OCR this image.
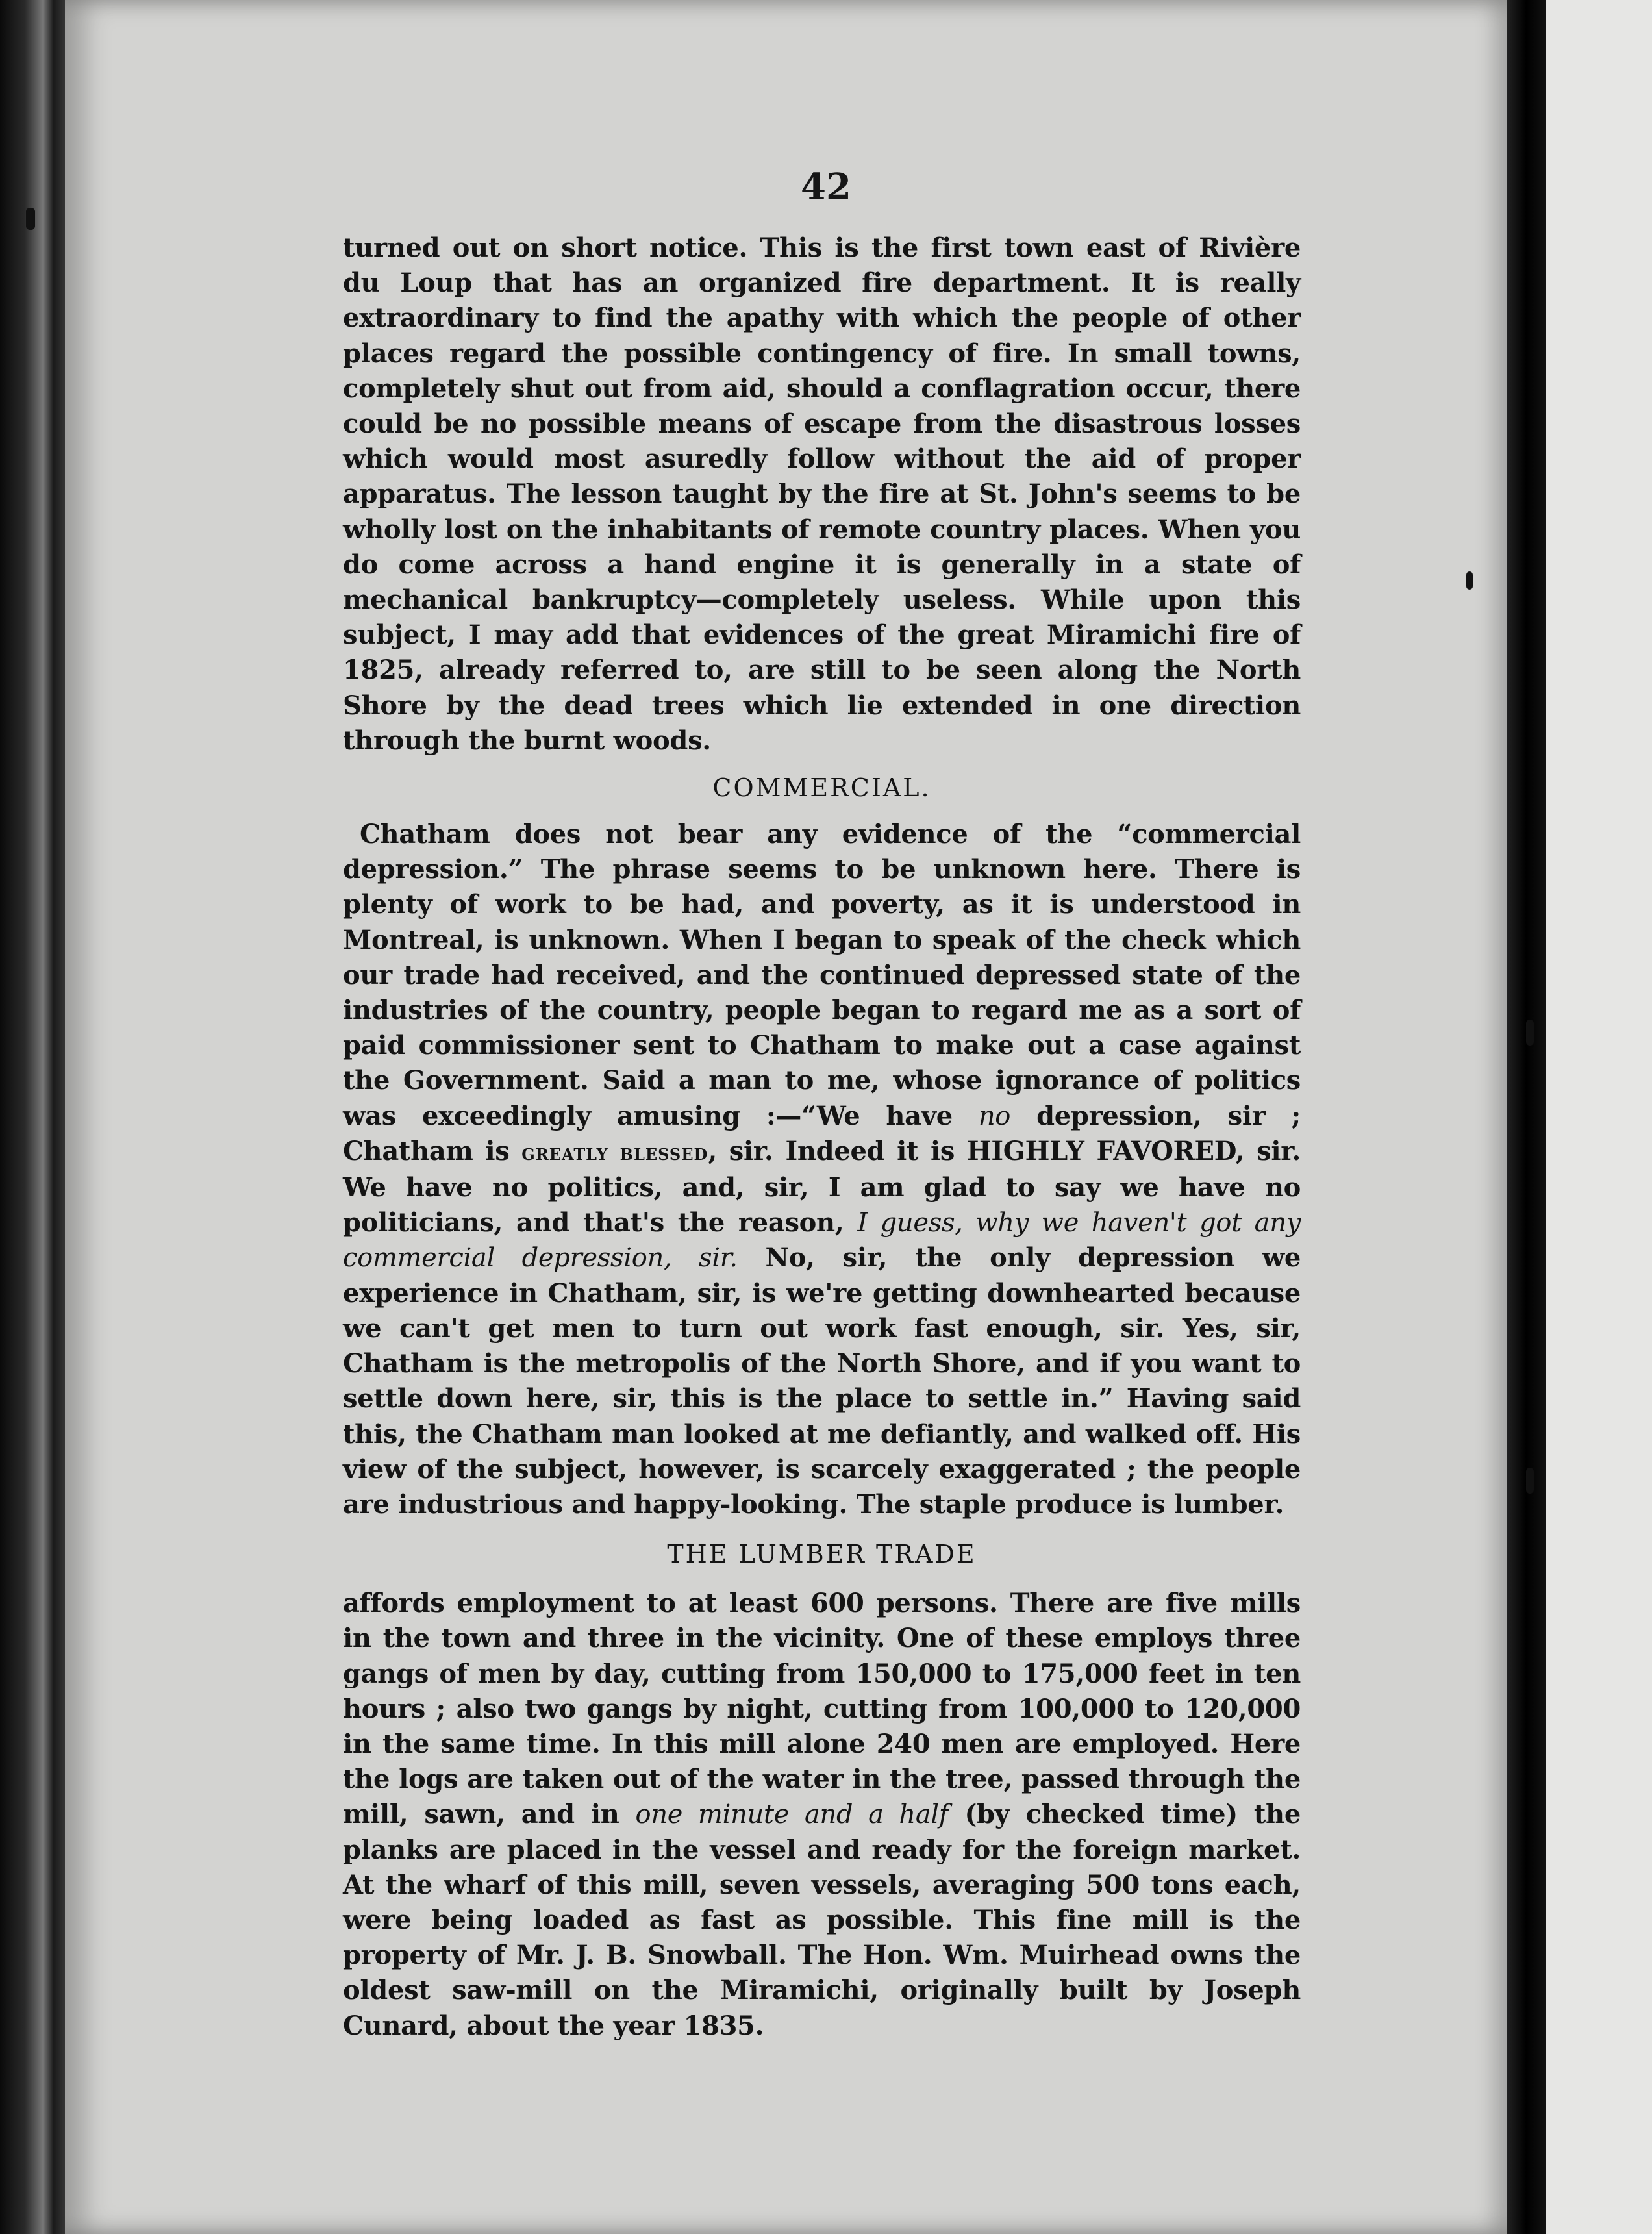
42

turned out on short notice. This is the first town east of Rivière du Loup that has an organized fire department. It is really extraordinary to find the apathy with which the people of other places regard the possible contingency of fire. In small towns, completely shut out from aid, should a conflagration occur, there could be no possible means of escape from the disastrous losses which would most asuredly follow without the aid of proper apparatus. The lesson taught by the fire at St. John's seems to be wholly lost on the inhabitants of remote country places. When you do come across a hand engine it is generally in a state of mechanical bankruptcy—completely useless. While upon this subject, I may add that evidences of the great Miramichi fire of 1825, already referred to, are still to be seen along the North Shore by the dead trees which lie extended in one direction through the burnt woods.

COMMERCIAL.

Chatham does not bear any evidence of the “commercial depression.” The phrase seems to be unknown here. There is plenty of work to be had, and poverty, as it is understood in Montreal, is unknown. When I began to speak of the check which our trade had received, and the continued depressed state of the industries of the country, people began to regard me as a sort of paid commissioner sent to Chatham to make out a case against the Government. Said a man to me, whose ignorance of politics was exceedingly amusing :—“We have no depression, sir ; Chatham is greatly blessed, sir. Indeed it is HIGHLY FAVORED, sir. We have no politics, and, sir, I am glad to say we have no politicians, and that's the reason, I guess, why we haven't got any commercial depression, sir. No, sir, the only depression we experience in Chatham, sir, is we're getting downhearted because we can't get men to turn out work fast enough, sir. Yes, sir, Chatham is the metropolis of the North Shore, and if you want to settle down here, sir, this is the place to settle in.” Having said this, the Chatham man looked at me defiantly, and walked off. His view of the subject, however, is scarcely exaggerated ; the people are industrious and happy-looking. The staple produce is lumber.

THE LUMBER TRADE

affords employment to at least 600 persons. There are five mills in the town and three in the vicinity. One of these employs three gangs of men by day, cutting from 150,000 to 175,000 feet in ten hours ; also two gangs by night, cutting from 100,000 to 120,000 in the same time. In this mill alone 240 men are employed. Here the logs are taken out of the water in the tree, passed through the mill, sawn, and in one minute and a half (by checked time) the planks are placed in the vessel and ready for the foreign market. At the wharf of this mill, seven vessels, averaging 500 tons each, were being loaded as fast as possible. This fine mill is the property of Mr. J. B. Snowball. The Hon. Wm. Muirhead owns the oldest saw-mill on the Miramichi, originally built by Joseph Cunard, about the year 1835.
